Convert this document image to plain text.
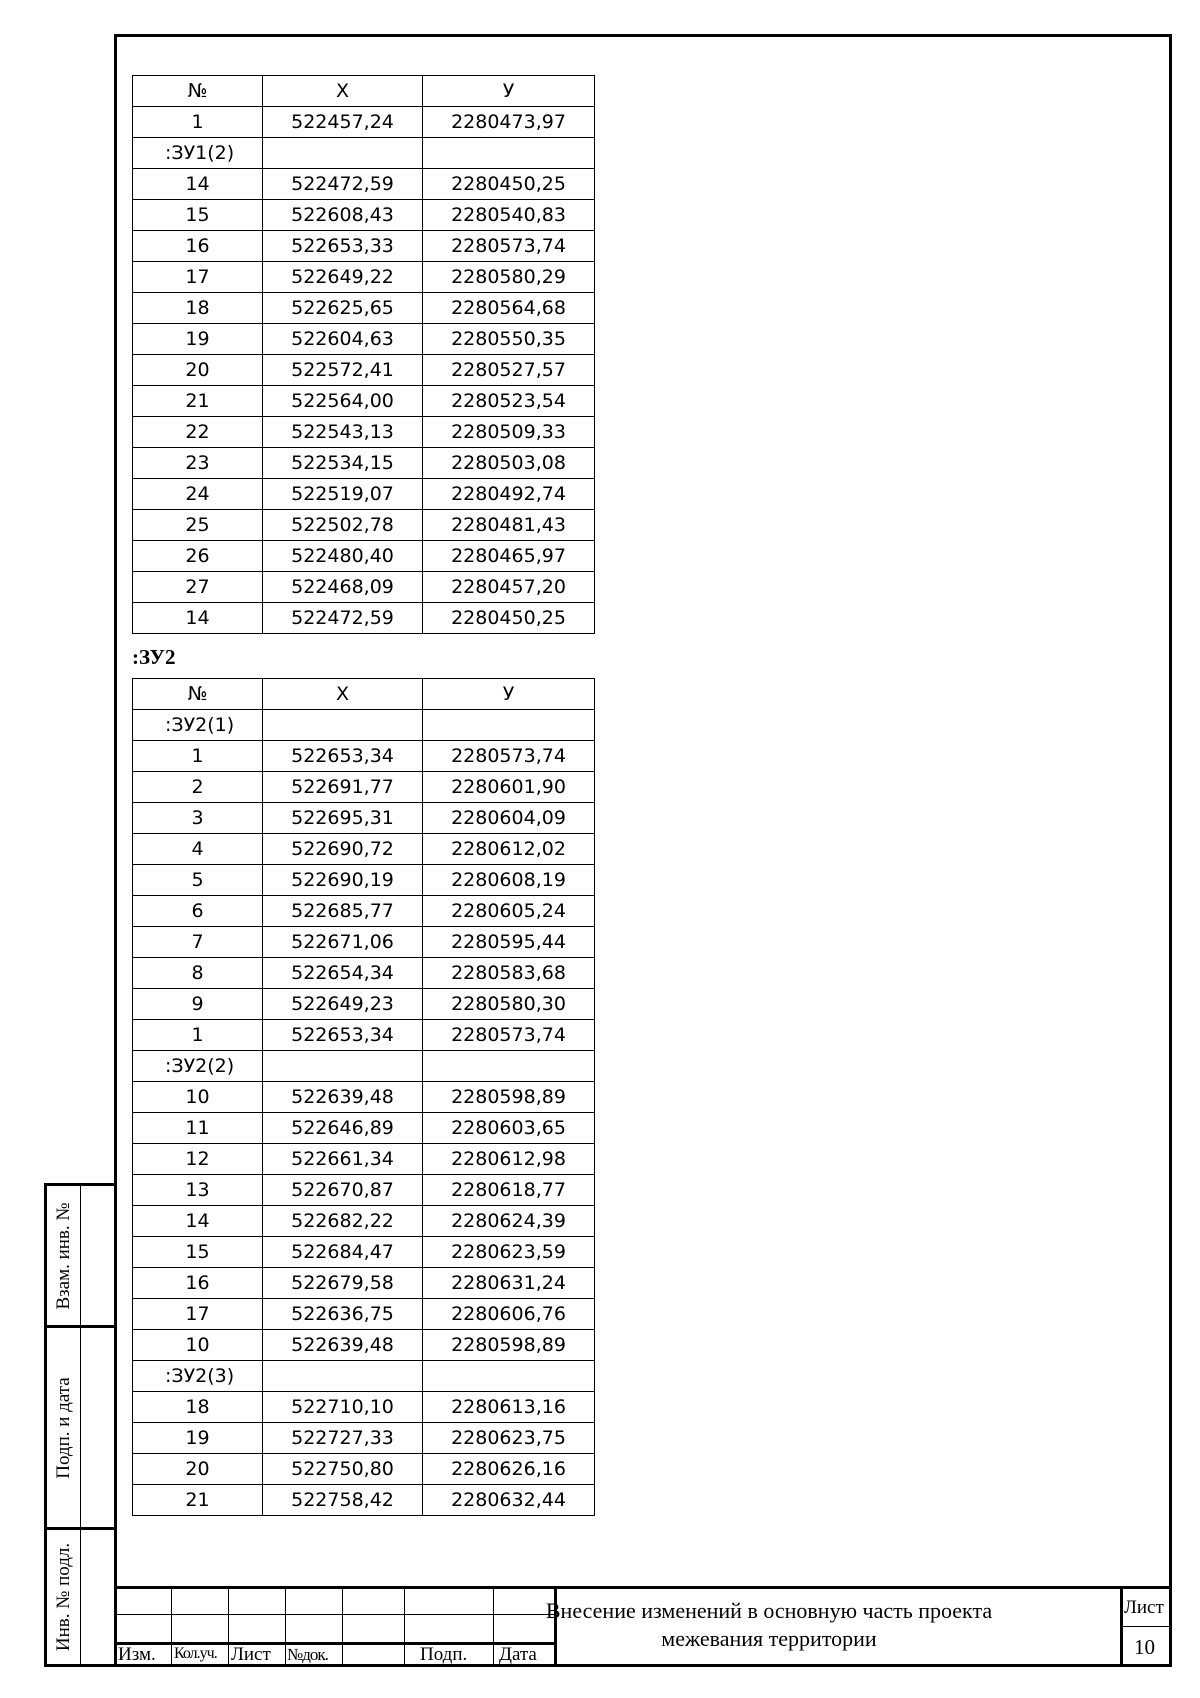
№	X	У
1	522457,24	2280473,97
:ЗУ1(2)		
14	522472,59	2280450,25
15	522608,43	2280540,83
16	522653,33	2280573,74
17	522649,22	2280580,29
18	522625,65	2280564,68
19	522604,63	2280550,35
20	522572,41	2280527,57
21	522564,00	2280523,54
22	522543,13	2280509,33
23	522534,15	2280503,08
24	522519,07	2280492,74
25	522502,78	2280481,43
26	522480,40	2280465,97
27	522468,09	2280457,20
14	522472,59	2280450,25
:ЗУ2
№	X	У
:ЗУ2(1)		
1	522653,34	2280573,74
2	522691,77	2280601,90
3	522695,31	2280604,09
4	522690,72	2280612,02
5	522690,19	2280608,19
6	522685,77	2280605,24
7	522671,06	2280595,44
8	522654,34	2280583,68
9	522649,23	2280580,30
1	522653,34	2280573,74
:ЗУ2(2)		
10	522639,48	2280598,89
11	522646,89	2280603,65
12	522661,34	2280612,98
13	522670,87	2280618,77
14	522682,22	2280624,39
15	522684,47	2280623,59
16	522679,58	2280631,24
17	522636,75	2280606,76
10	522639,48	2280598,89
:ЗУ2(3)		
18	522710,10	2280613,16
19	522727,33	2280623,75
20	522750,80	2280626,16
21	522758,42	2280632,44
Взам. инв. №
Подп. и дата
Инв. № подл.
Изм. Кол.уч. Лист №док.	Подп. Дата
Внесение изменений в основную часть проекта межевания территории
Лист
10
